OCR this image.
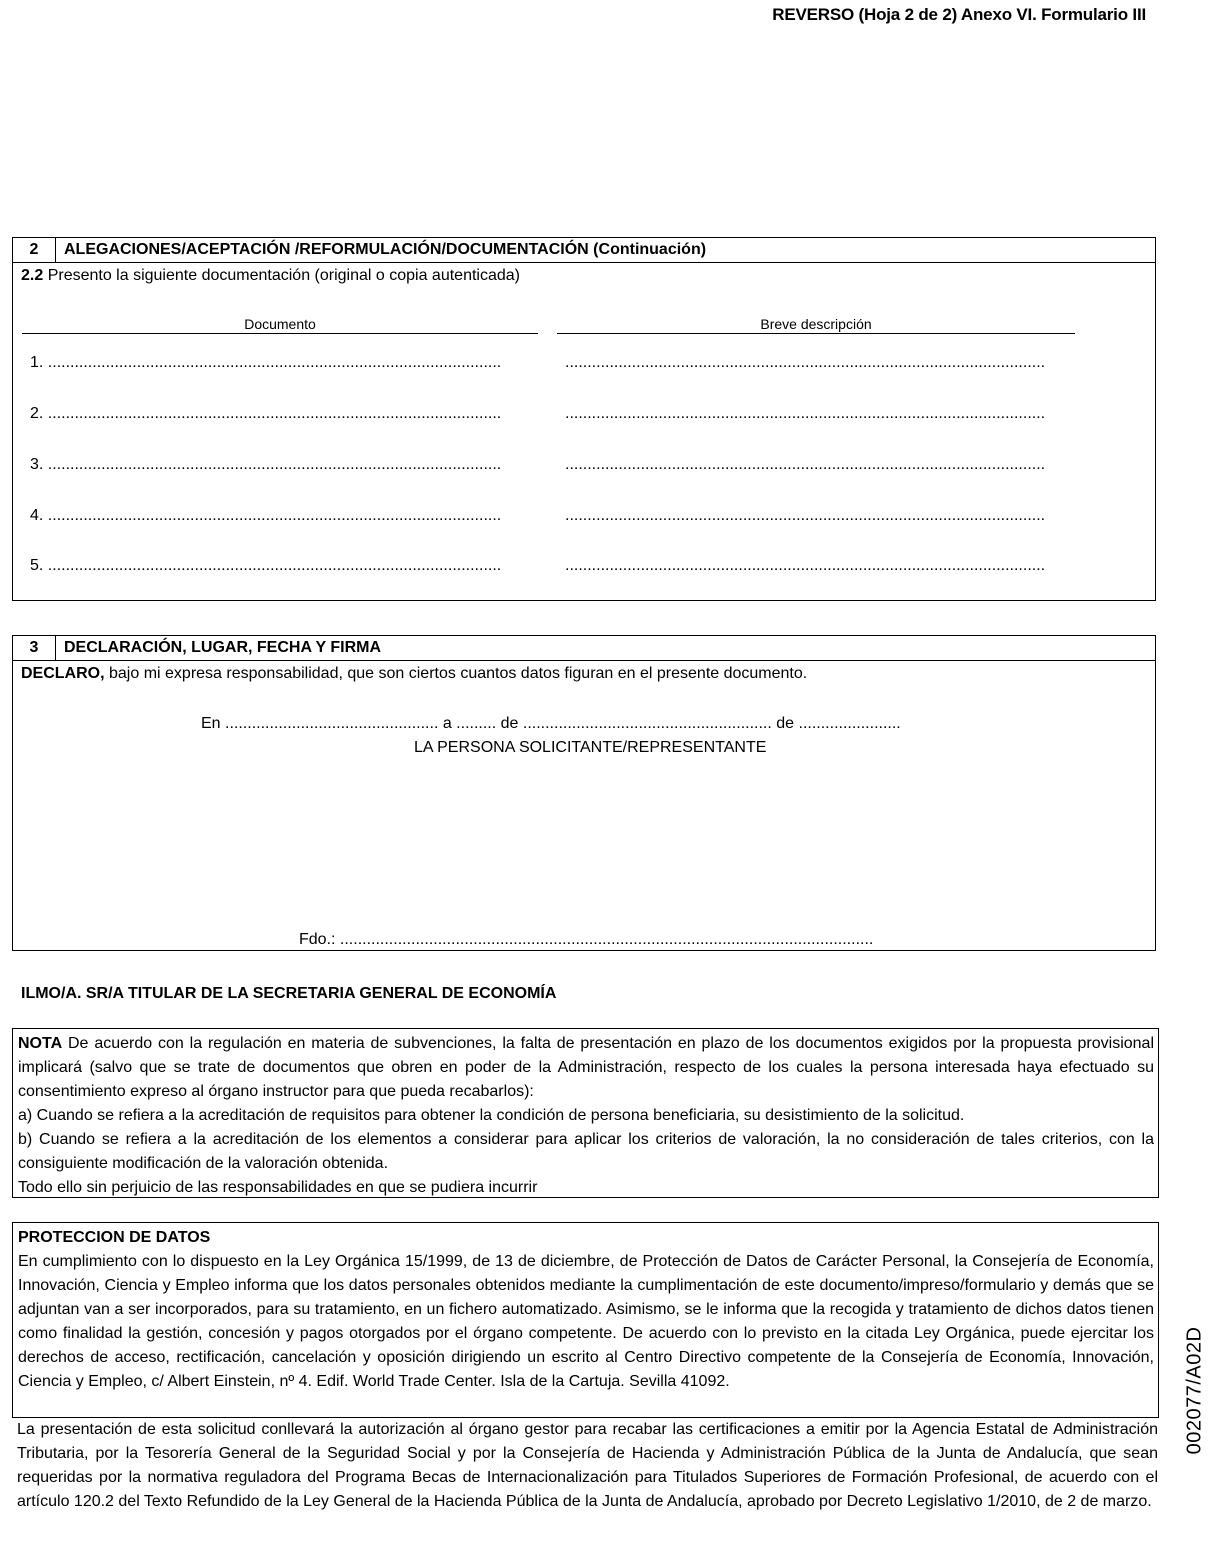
REVERSO (Hoja 2 de 2) Anexo VI. Formulario III
2	ALEGACIONES/ACEPTACIÓN /REFORMULACIÓN/DOCUMENTACIÓN (Continuación)
2.2 Presento la siguiente documentación (original o copia autenticada)
Documento	Breve descripción
1. ......................................................................................................	............................................................................................................
2. ......................................................................................................	............................................................................................................
3. ......................................................................................................	............................................................................................................
4. ......................................................................................................	............................................................................................................
5. ......................................................................................................	............................................................................................................
3	DECLARACIÓN, LUGAR, FECHA Y FIRMA
DECLARO, bajo mi expresa responsabilidad, que son ciertos cuantos datos figuran en el presente documento.
En ................................................ a ......... de ........................................................ de .......................
LA PERSONA SOLICITANTE/REPRESENTANTE
Fdo.: ........................................................................................................................
ILMO/A. SR/A TITULAR DE LA SECRETARIA GENERAL DE ECONOMÍA

NOTA De acuerdo con la regulación en materia de subvenciones, la falta de presentación en plazo de los documentos exigidos por la propuesta provisional implicará (salvo que se trate de documentos que obren en poder de la Administración, respecto de los cuales la persona interesada haya efectuado su consentimiento expreso al órgano instructor para que pueda recabarlos):

a) Cuando se refiera a la acreditación de requisitos para obtener la condición de persona beneficiaria, su desistimiento de la solicitud.

b) Cuando se refiera a la acreditación de los elementos a considerar para aplicar los criterios de valoración, la no consideración de tales criterios, con la consiguiente modificación de la valoración obtenida.

Todo ello sin perjuicio de las responsabilidades en que se pudiera incurrir

PROTECCION DE DATOS

En cumplimiento con lo dispuesto en la Ley Orgánica 15/1999, de 13 de diciembre, de Protección de Datos de Carácter Personal, la Consejería de Economía, Innovación, Ciencia y Empleo informa que los datos personales obtenidos mediante la cumplimentación de este documento/impreso/formulario y demás que se adjuntan van a ser incorporados, para su tratamiento, en un fichero automatizado. Asimismo, se le informa que la recogida y tratamiento de dichos datos tienen como finalidad la gestión, concesión y pagos otorgados por el órgano competente. De acuerdo con lo previsto en la citada Ley Orgánica, puede ejercitar los derechos de acceso, rectificación, cancelación y oposición dirigiendo un escrito al Centro Directivo competente de la Consejería de Economía, Innovación, Ciencia y Empleo, c/ Albert Einstein, nº 4. Edif. World Trade Center. Isla de la Cartuja. Sevilla 41092.

La presentación de esta solicitud conllevará la autorización al órgano gestor para recabar las certificaciones a emitir por la Agencia Estatal de Administración Tributaria, por la Tesorería General de la Seguridad Social y por la Consejería de Hacienda y Administración Pública de la Junta de Andalucía, que sean requeridas por la normativa reguladora del Programa Becas de Internacionalización para Titulados Superiores de Formación Profesional, de acuerdo con el artículo 120.2 del Texto Refundido de la Ley General de la Hacienda Pública de la Junta de Andalucía, aprobado por Decreto Legislativo 1/2010, de 2 de marzo.
002077/A02D
